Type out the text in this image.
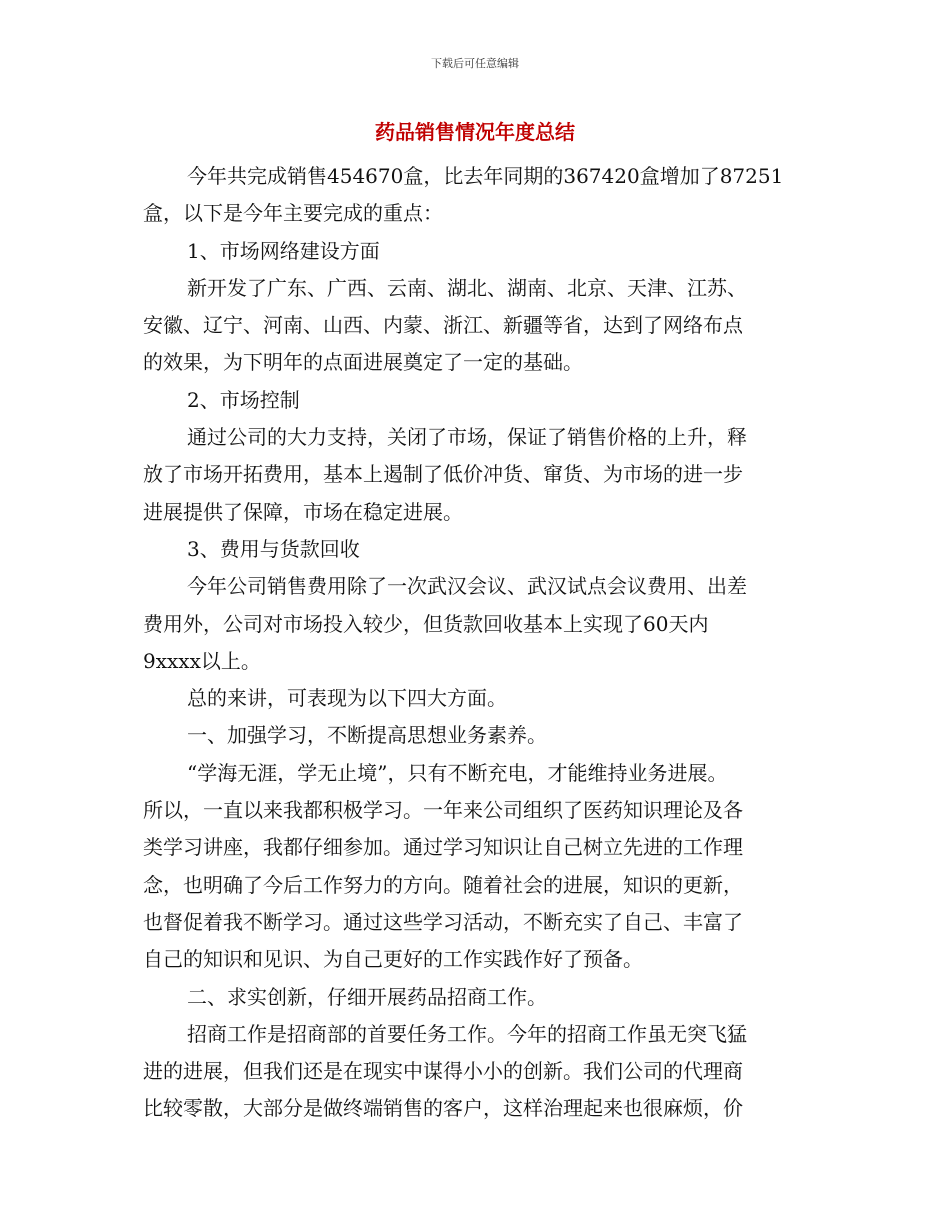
下载后可任意编辑
药品销售情况年度总结
今年共完成销售454670盒，比去年同期的367420盒增加了87251
盒，以下是今年主要完成的重点：
1、市场网络建设方面
新开发了广东、广西、云南、湖北、湖南、北京、天津、江苏、
安徽、辽宁、河南、山西、内蒙、浙江、新疆等省，达到了网络布点
的效果，为下明年的点面进展奠定了一定的基础。
2、市场控制
通过公司的大力支持，关闭了市场，保证了销售价格的上升，释
放了市场开拓费用，基本上遏制了低价冲货、窜货、为市场的进一步
进展提供了保障，市场在稳定进展。
3、费用与货款回收
今年公司销售费用除了一次武汉会议、武汉试点会议费用、出差
费用外，公司对市场投入较少，但货款回收基本上实现了60天内
9xxxx以上。
总的来讲，可表现为以下四大方面。
一、加强学习，不断提高思想业务素养。
“学海无涯，学无止境”，只有不断充电，才能维持业务进展。
所以，一直以来我都积极学习。一年来公司组织了医药知识理论及各
类学习讲座，我都仔细参加。通过学习知识让自己树立先进的工作理
念，也明确了今后工作努力的方向。随着社会的进展，知识的更新，
也督促着我不断学习。通过这些学习活动，不断充实了自己、丰富了
自己的知识和见识、为自己更好的工作实践作好了预备。
二、求实创新，仔细开展药品招商工作。
招商工作是招商部的首要任务工作。今年的招商工作虽无突飞猛
进的进展，但我们还是在现实中谋得小小的创新。我们公司的代理商
比较零散，大部分是做终端销售的客户，这样治理起来也很麻烦，价
